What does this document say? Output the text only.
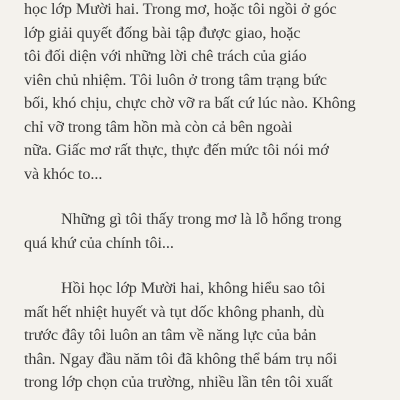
học lớp Mười hai. Trong mơ, hoặc tôi ngồi ở góc
lớp giải quyết đống bài tập được giao, hoặc
tôi đối diện với những lời chê trách của giáo
viên chủ nhiệm. Tôi luôn ở trong tâm trạng bức
bối, khó chịu, chực chờ vỡ ra bất cứ lúc nào. Không
chỉ vỡ trong tâm hồn mà còn cả bên ngoài
nữa. Giấc mơ rất thực, thực đến mức tôi nói mớ
và khóc to...
Những gì tôi thấy trong mơ là lỗ hổng trong
quá khứ của chính tôi...
Hồi học lớp Mười hai, không hiểu sao tôi
mất hết nhiệt huyết và tụt dốc không phanh, dù
trước đây tôi luôn an tâm về năng lực của bản
thân. Ngay đầu năm tôi đã không thể bám trụ nổi
trong lớp chọn của trường, nhiều lần tên tôi xuất
